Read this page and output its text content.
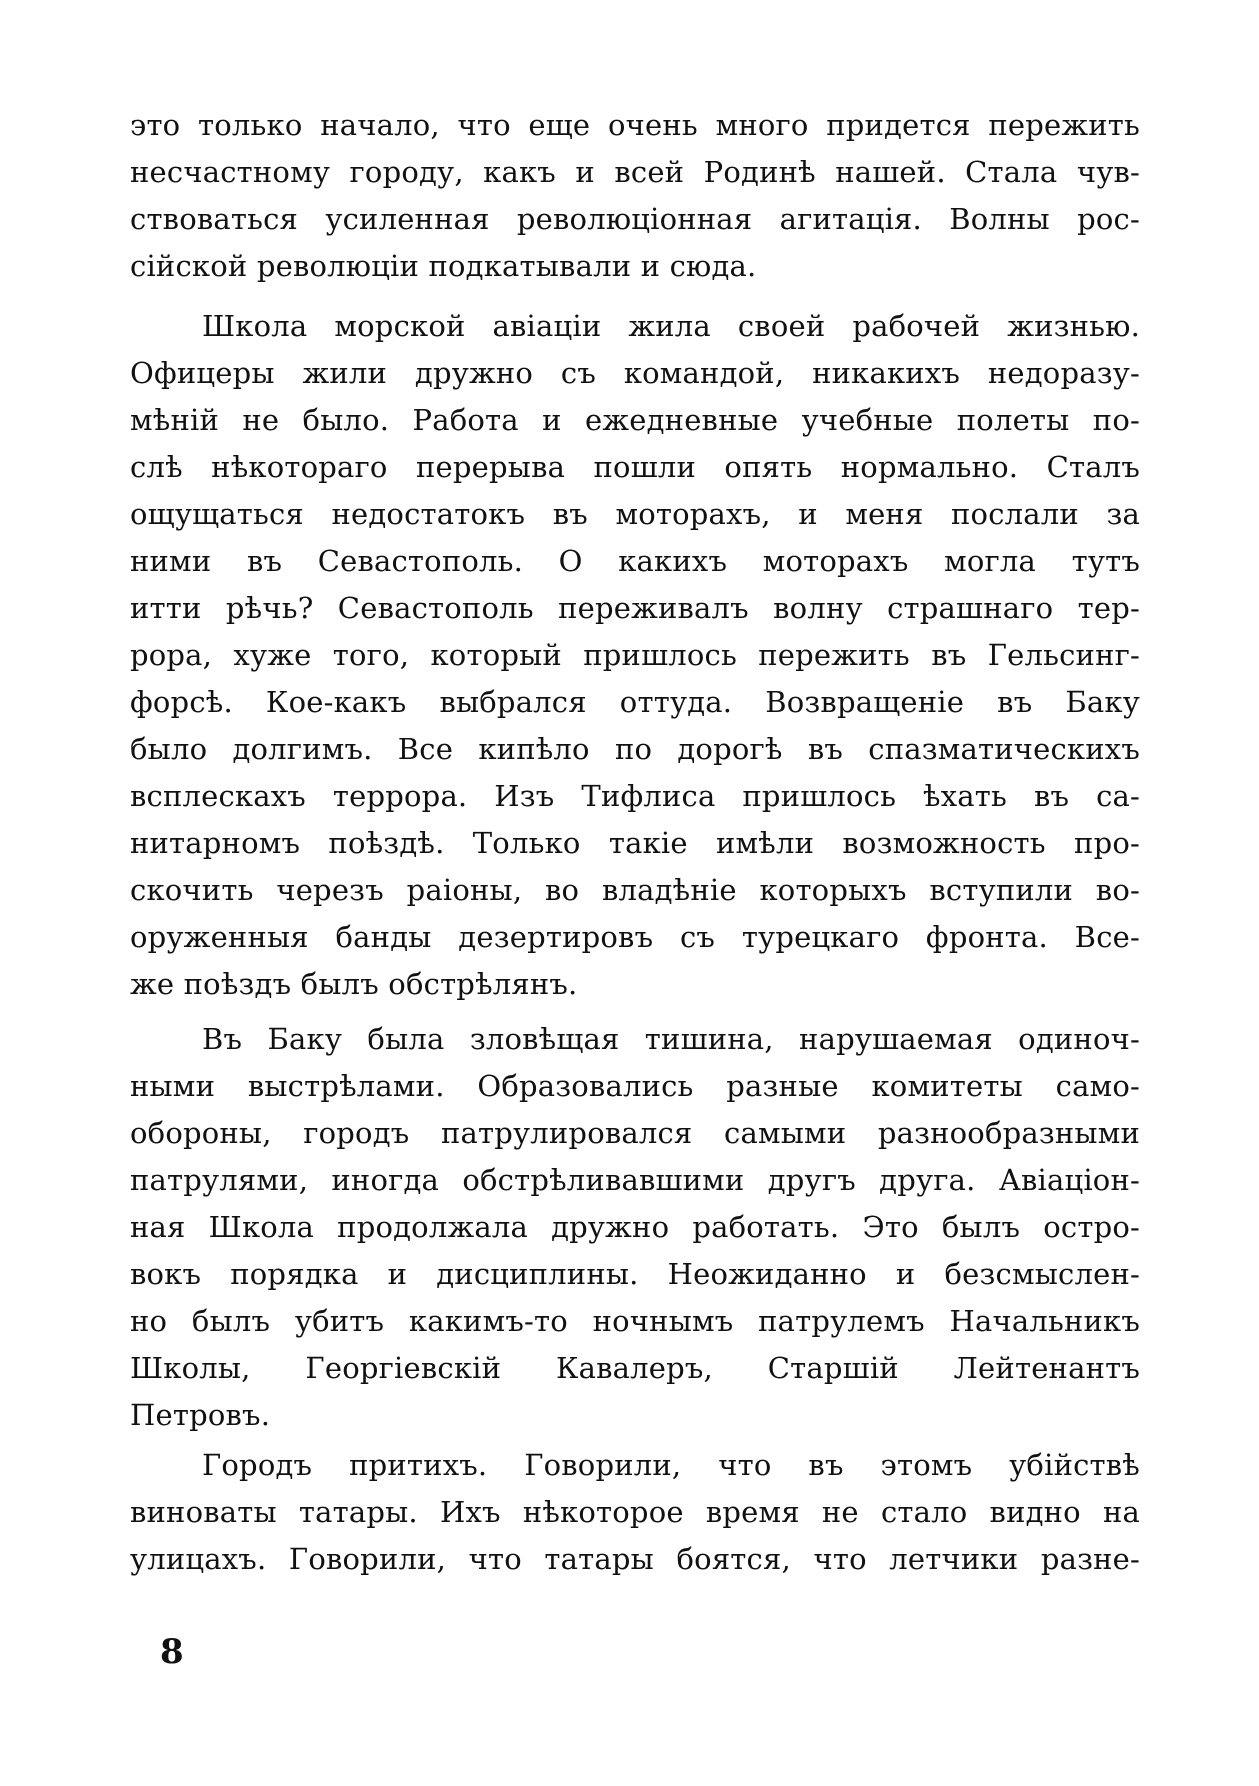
это только начало, что еще очень много придется пережить
несчастному городу, какъ и всей Родинѣ нашей. Стала чув-
ствоваться усиленная революцiонная агитацiя. Волны рос-
сiйской революцiи подкатывали и сюда.
Школа морской авiацiи жила своей рабочей жизнью.
Офицеры жили дружно съ командой, никакихъ недоразу-
мѣнiй не было. Работа и ежедневные учебные полеты по-
слѣ нѣкотораго перерыва пошли опять нормально. Сталъ
ощущаться недостатокъ въ моторахъ, и меня послали за
ними въ Севастополь. О какихъ моторахъ могла тутъ
итти рѣчь? Севастополь переживалъ волну страшнаго тер-
рора, хуже того, который пришлось пережить въ Гельсинг-
форсѣ. Кое-какъ выбрался оттуда. Возвращенiе въ Баку
было долгимъ. Все кипѣло по дорогѣ въ спазматическихъ
всплескахъ террора. Изъ Тифлиса пришлось ѣхать въ са-
нитарномъ поѣздѣ. Только такiе имѣли возможность про-
скочить черезъ раiоны, во владѣнiе которыхъ вступили во-
оруженныя банды дезертировъ съ турецкаго фронта. Все-
же поѣздъ былъ обстрѣлянъ.
Въ Баку была зловѣщая тишина, нарушаемая одиноч-
ными выстрѣлами. Образовались разные комитеты само-
обороны, городъ патрулировался самыми разнообразными
патрулями, иногда обстрѣливавшими другъ друга. Авiацiон-
ная Школа продолжала дружно работать. Это былъ остро-
вокъ порядка и дисциплины. Неожиданно и безсмыслен-
но былъ убитъ какимъ-то ночнымъ патрулемъ Начальникъ
Школы, Георгiевскiй Кавалеръ, Старшiй Лейтенантъ
Петровъ.
Городъ притихъ. Говорили, что въ этомъ убiйствѣ
виноваты татары. Ихъ нѣкоторое время не стало видно на
улицахъ. Говорили, что татары боятся, что летчики разне-
8
